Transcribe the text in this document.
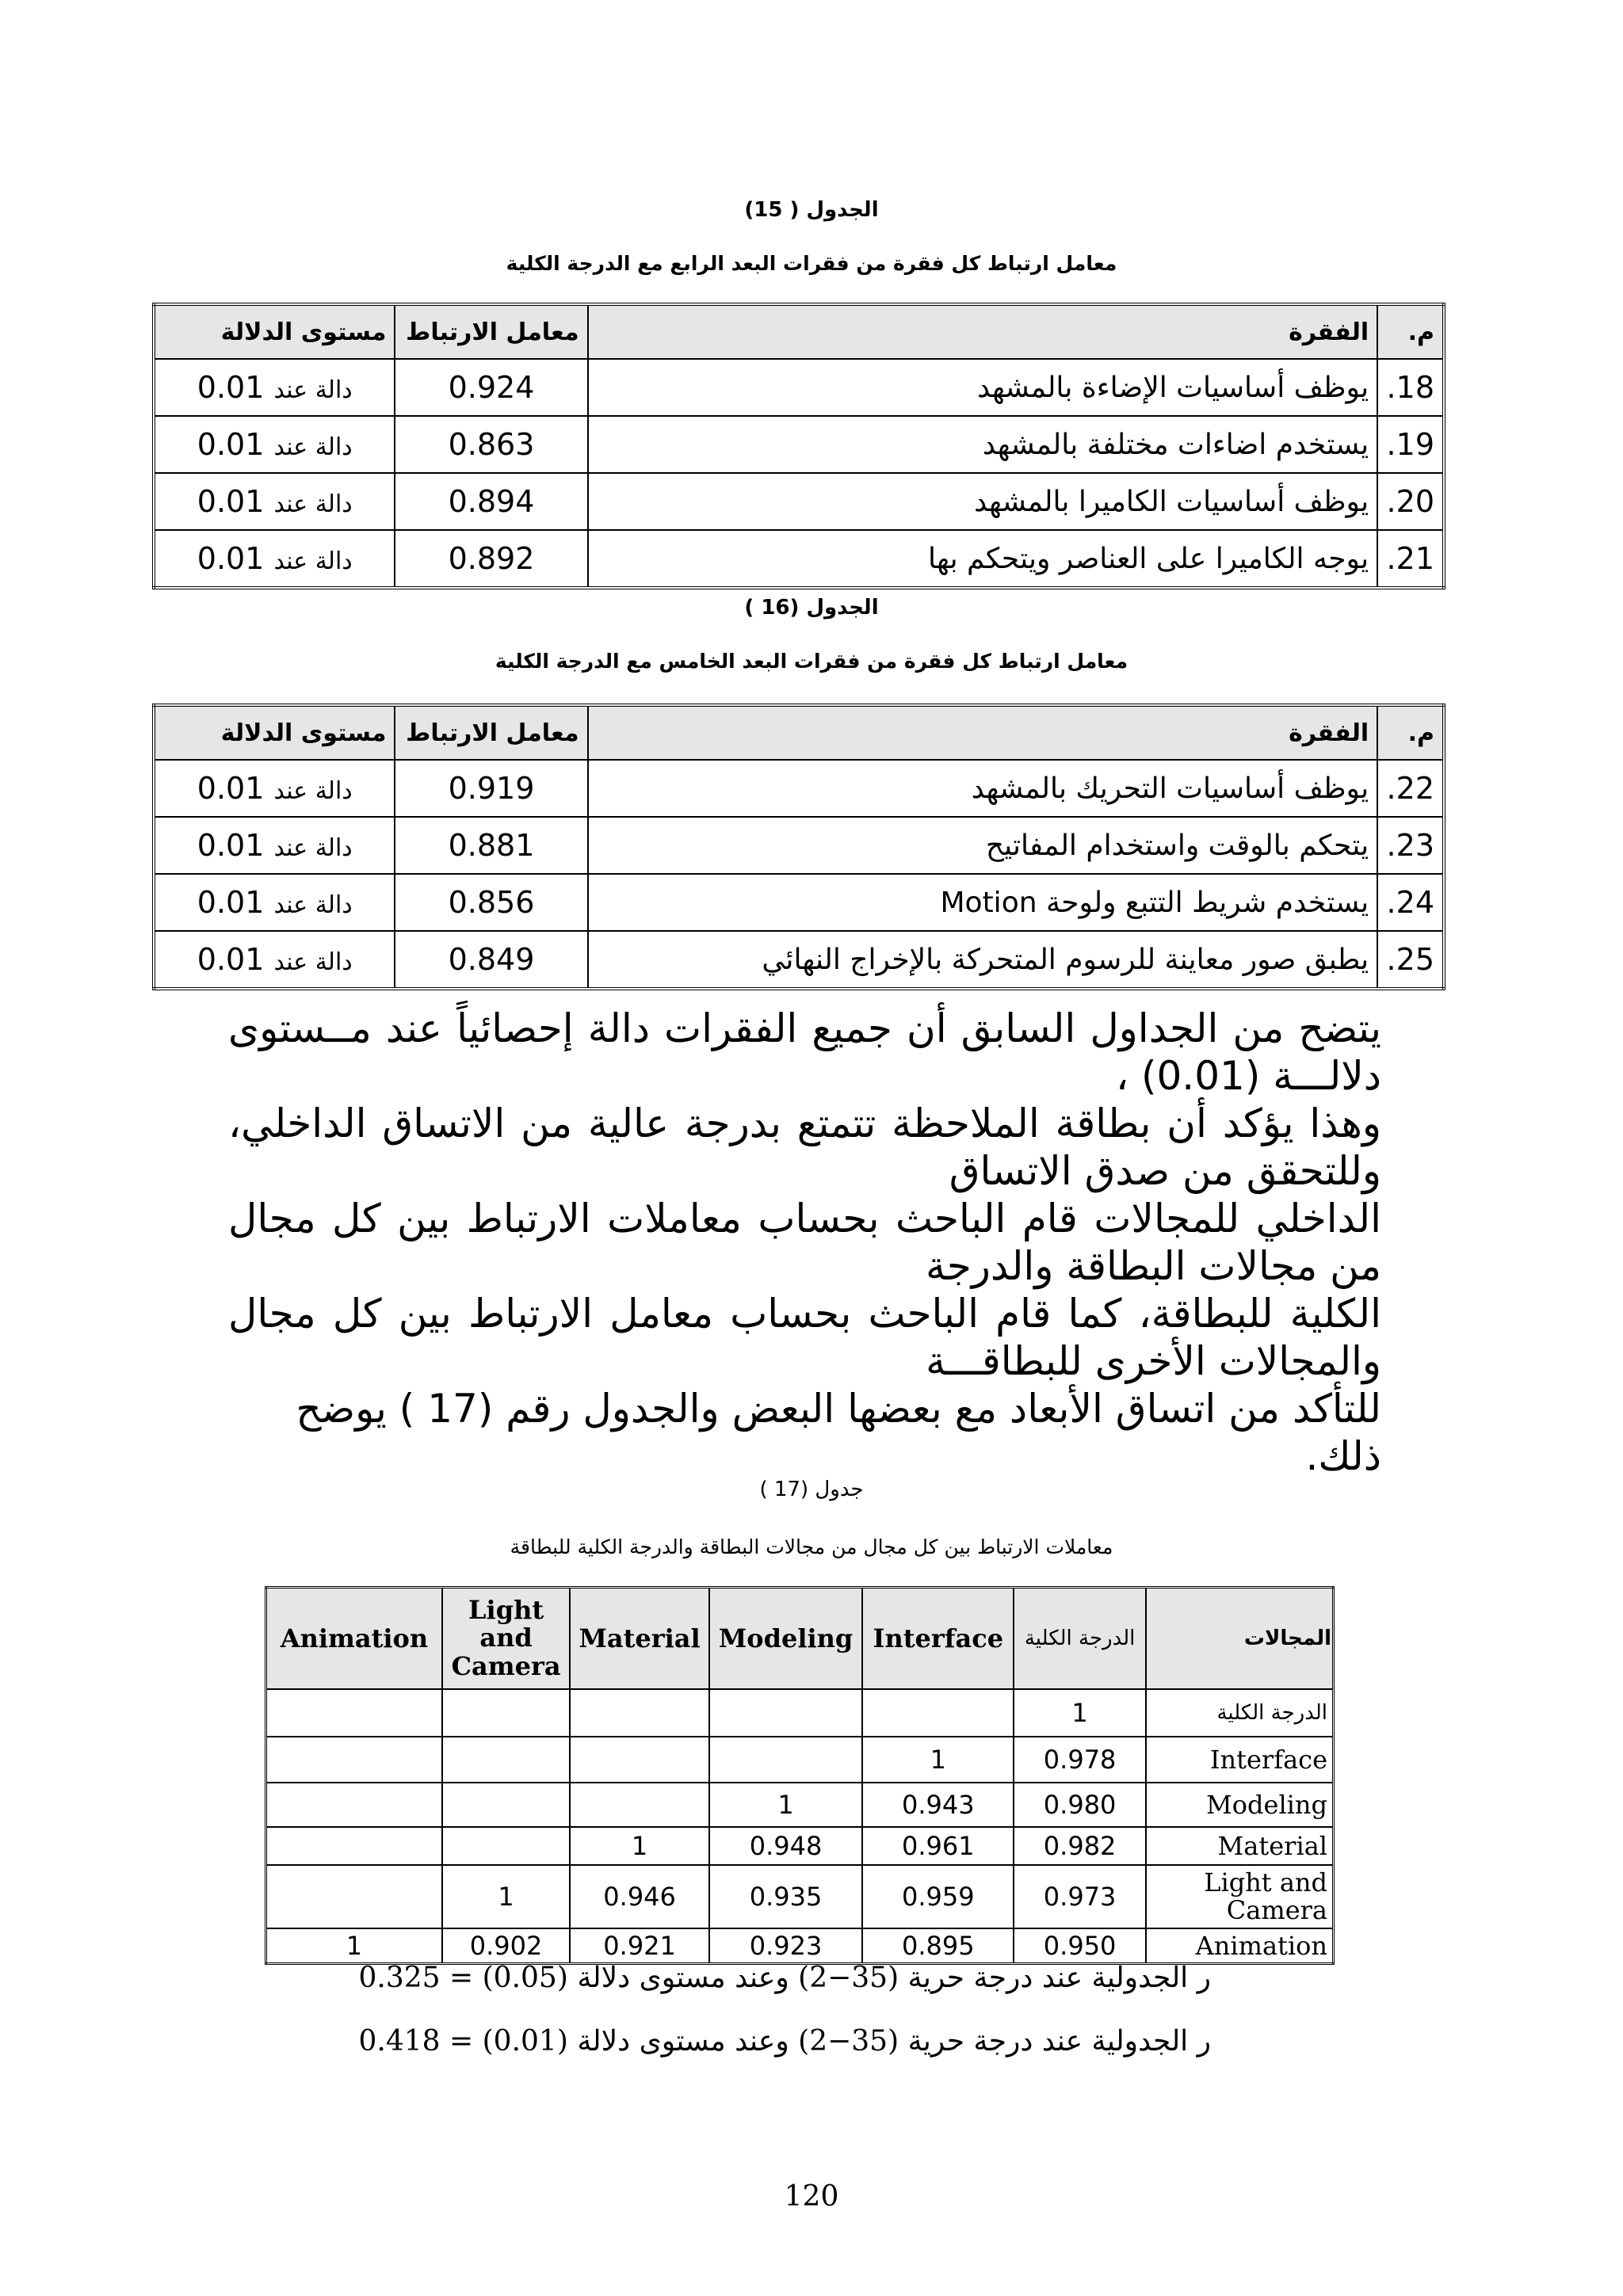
الجدول ( 15)
معامل ارتباط كل فقرة من فقرات البعد الرابع مع الدرجة الكلية
م.	الفقرة	معامل الارتباط	مستوى الدلالة
18.	يوظف أساسيات الإضاءة بالمشهد	0.924	دالة عند 0.01
19.	يستخدم اضاءات مختلفة بالمشهد	0.863	دالة عند 0.01
20.	يوظف أساسيات الكاميرا بالمشهد	0.894	دالة عند 0.01
21.	يوجه الكاميرا على العناصر ويتحكم بها	0.892	دالة عند 0.01
الجدول (16 )
معامل ارتباط كل فقرة من فقرات البعد الخامس مع الدرجة الكلية
م.	الفقرة	معامل الارتباط	مستوى الدلالة
22.	يوظف أساسيات التحريك بالمشهد	0.919	دالة عند 0.01
23.	يتحكم بالوقت واستخدام المفاتيح	0.881	دالة عند 0.01
24.	يستخدم شريط التتبع ولوحة Motion	0.856	دالة عند 0.01
25.	يطبق صور معاينة للرسوم المتحركة بالإخراج النهائي	0.849	دالة عند 0.01
يتضح من الجداول السابق أن جميع الفقرات دالة إحصائياً عند مــستوى دلالـــة (0.01) ،
وهذا يؤكد أن بطاقة الملاحظة تتمتع بدرجة عالية من الاتساق الداخلي، وللتحقق من صدق الاتساق
الداخلي للمجالات قام الباحث بحساب معاملات الارتباط بين كل مجال من مجالات البطاقة والدرجة
الكلية للبطاقة، كما قام الباحث بحساب معامل الارتباط بين كل مجال والمجالات الأخرى للبطاقـــة
للتأكد من اتساق الأبعاد مع بعضها البعض والجدول رقم (17 ) يوضح ذلك.
جدول (17 )
معاملات الارتباط بين كل مجال من مجالات البطاقة والدرجة الكلية للبطاقة
Animation	Light and Camera	Material	Modeling	Interface	الدرجة الكلية	المجالات
					1	الدرجة الكلية
				1	0.978	Interface
			1	0.943	0.980	Modeling
		1	0.948	0.961	0.982	Material
	1	0.946	0.935	0.959	0.973	Light and Camera
1	0.902	0.921	0.923	0.895	0.950	Animation
ر الجدولية عند درجة حرية (35−2) وعند مستوى دلالة (0.05) = 0.325
ر الجدولية عند درجة حرية (35−2) وعند مستوى دلالة (0.01) = 0.418
120
